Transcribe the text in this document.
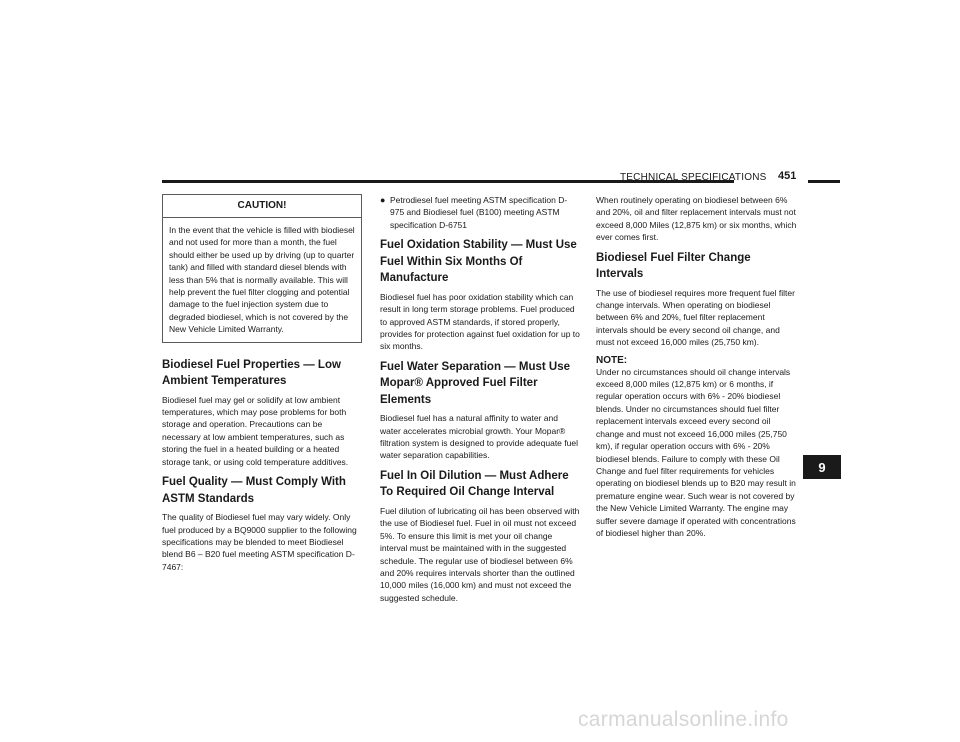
TECHNICAL SPECIFICATIONS 451
CAUTION!
In the event that the vehicle is filled with biodiesel and not used for more than a month, the fuel should either be used up by driving (up to quarter tank) and filled with standard diesel blends with less than 5% that is normally available. This will help prevent the fuel filter clogging and potential damage to the fuel injection system due to degraded biodiesel, which is not covered by the New Vehicle Limited Warranty.
Biodiesel Fuel Properties — Low Ambient Temperatures

Biodiesel fuel may gel or solidify at low ambient temperatures, which may pose problems for both storage and operation. Precautions can be necessary at low ambient temperatures, such as storing the fuel in a heated building or a heated storage tank, or using cold temperature additives.

Fuel Quality — Must Comply With ASTM Standards

The quality of Biodiesel fuel may vary widely. Only fuel produced by a BQ9000 supplier to the following specifications may be blended to meet Biodiesel blend B6 – B20 fuel meeting ASTM specification D-7467:

● Petrodiesel fuel meeting ASTM specification D-975 and Biodiesel fuel (B100) meeting ASTM specification D-6751
Fuel Oxidation Stability — Must Use Fuel Within Six Months Of Manufacture

Biodiesel fuel has poor oxidation stability which can result in long term storage problems. Fuel produced to approved ASTM standards, if stored properly, provides for protection against fuel oxidation for up to six months.

Fuel Water Separation — Must Use Mopar® Approved Fuel Filter Elements

Biodiesel fuel has a natural affinity to water and water accelerates microbial growth. Your Mopar® filtration system is designed to provide adequate fuel water separation capabilities.

Fuel In Oil Dilution — Must Adhere To Required Oil Change Interval

Fuel dilution of lubricating oil has been observed with the use of Biodiesel fuel. Fuel in oil must not exceed 5%. To ensure this limit is met your oil change interval must be maintained with in the suggested schedule. The regular use of biodiesel between 6% and 20% requires intervals shorter than the outlined 10,000 miles (16,000 km) and must not exceed the suggested schedule.

When routinely operating on biodiesel between 6% and 20%, oil and filter replacement intervals must not exceed 8,000 Miles (12,875 km) or six months, which ever comes first.

Biodiesel Fuel Filter Change Intervals

The use of biodiesel requires more frequent fuel filter change intervals. When operating on biodiesel between 6% and 20%, fuel filter replacement intervals should be every second oil change, and must not exceed 16,000 miles (25,750 km).

NOTE:

Under no circumstances should oil change intervals exceed 8,000 miles (12,875 km) or 6 months, if regular operation occurs with 6% - 20% biodiesel blends. Under no circumstances should fuel filter replacement intervals exceed every second oil change and must not exceed 16,000 miles (25,750 km), if regular operation occurs with 6% - 20% biodiesel blends. Failure to comply with these Oil Change and fuel filter requirements for vehicles operating on biodiesel blends up to B20 may result in premature engine wear. Such wear is not covered by the New Vehicle Limited Warranty. The engine may suffer severe damage if operated with concentrations of biodiesel higher than 20%.

9
carmanualsonline.info
